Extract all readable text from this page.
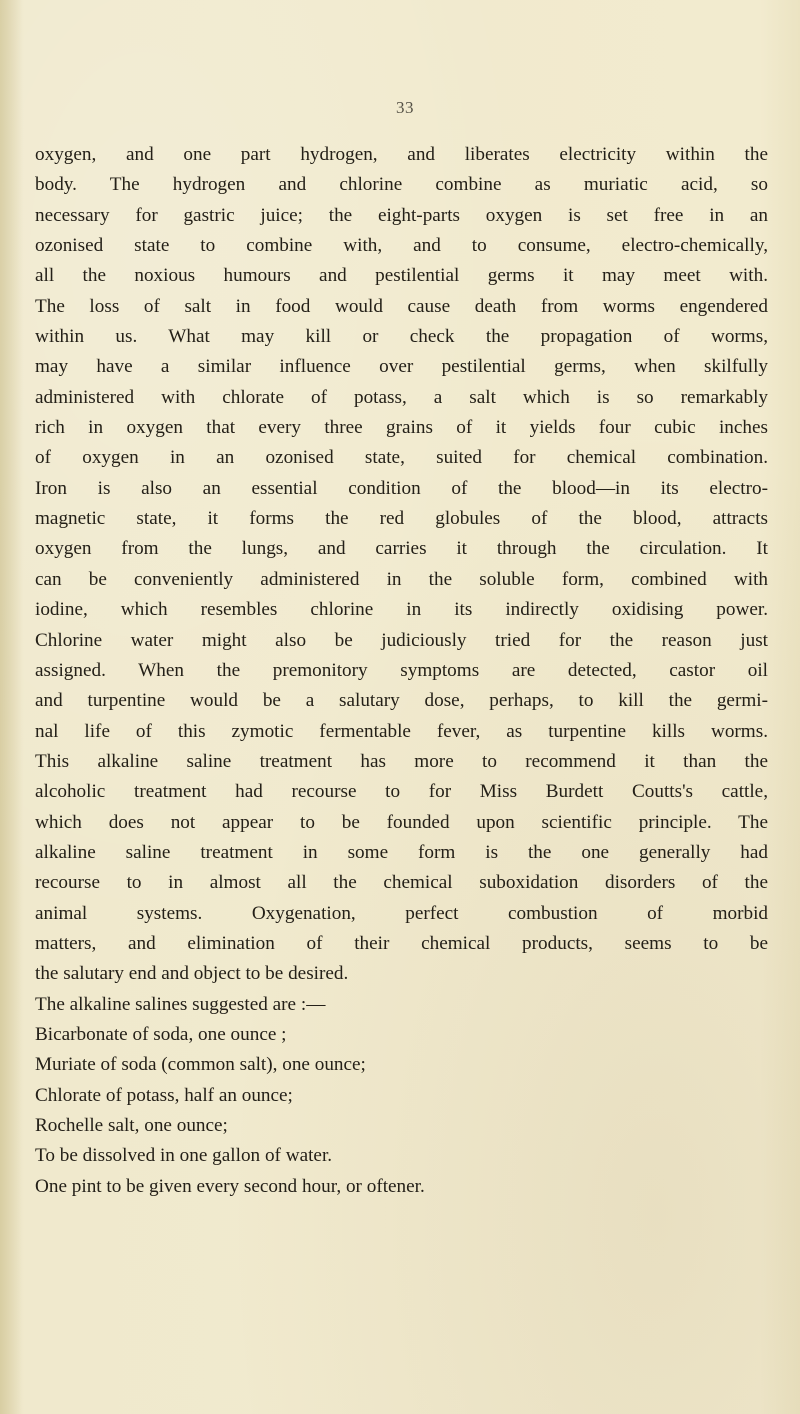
33
oxygen, and one part hydrogen, and liberates electricity within the
body. The hydrogen and chlorine combine as muriatic acid, so
necessary for gastric juice; the eight-parts oxygen is set free in an
ozonised state to combine with, and to consume, electro-chemically,
all the noxious humours and pestilential germs it may meet with.
The loss of salt in food would cause death from worms engendered
within us. What may kill or check the propagation of worms,
may have a similar influence over pestilential germs, when skilfully
administered with chlorate of potass, a salt which is so remarkably
rich in oxygen that every three grains of it yields four cubic inches
of oxygen in an ozonised state, suited for chemical combination.
Iron is also an essential condition of the blood—in its electro-
magnetic state, it forms the red globules of the blood, attracts
oxygen from the lungs, and carries it through the circulation. It
can be conveniently administered in the soluble form, combined with
iodine, which resembles chlorine in its indirectly oxidising power.
Chlorine water might also be judiciously tried for the reason just
assigned. When the premonitory symptoms are detected, castor oil
and turpentine would be a salutary dose, perhaps, to kill the germi-
nal life of this zymotic fermentable fever, as turpentine kills worms.
This alkaline saline treatment has more to recommend it than the
alcoholic treatment had recourse to for Miss Burdett Coutts's cattle,
which does not appear to be founded upon scientific principle. The
alkaline saline treatment in some form is the one generally had
recourse to in almost all the chemical suboxidation disorders of the
animal systems. Oxygenation, perfect combustion of morbid
matters, and elimination of their chemical products, seems to be
the salutary end and object to be desired.
The alkaline salines suggested are :—
Bicarbonate of soda, one ounce ;
Muriate of soda (common salt), one ounce;
Chlorate of potass, half an ounce;
Rochelle salt, one ounce;
To be dissolved in one gallon of water.
One pint to be given every second hour, or oftener.
